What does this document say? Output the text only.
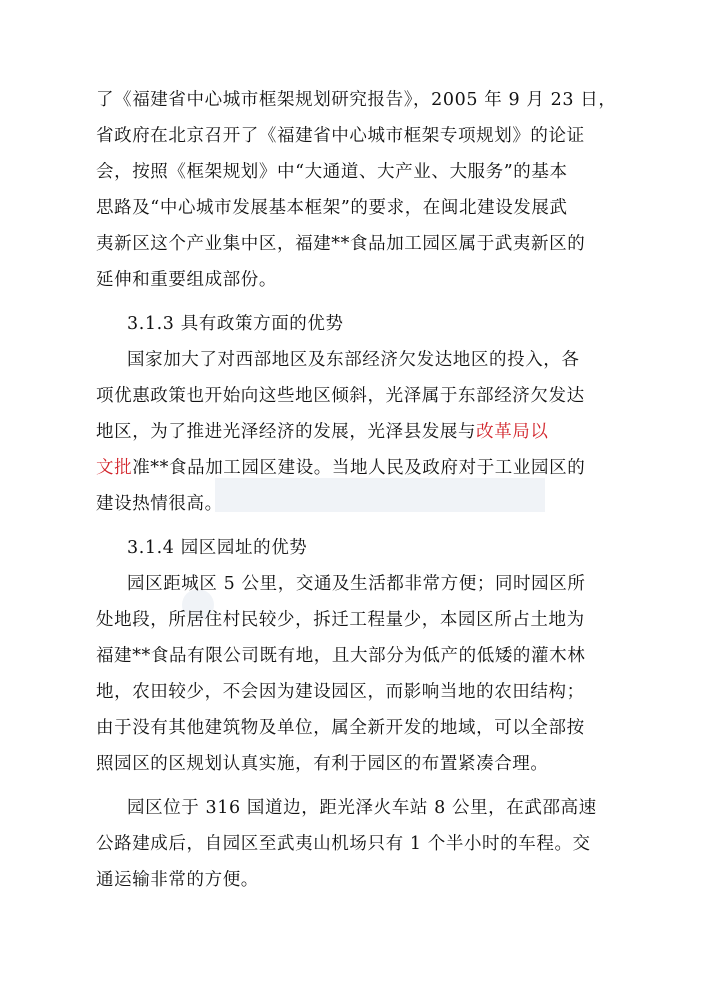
了《福建省中心城市框架规划研究报告》，2005 年 9 月 23 日，
省政府在北京召开了《福建省中心城市框架专项规划》的论证
会，按照《框架规划》中“大通道、大产业、大服务”的基本
思路及“中心城市发展基本框架”的要求，在闽北建设发展武
夷新区这个产业集中区，福建**食品加工园区属于武夷新区的
延伸和重要组成部份。
3.1.3 具有政策方面的优势
国家加大了对西部地区及东部经济欠发达地区的投入，各
项优惠政策也开始向这些地区倾斜，光泽属于东部经济欠发达
地区，为了推进光泽经济的发展，光泽县发展与改革局以
文批准**食品加工园区建设。当地人民及政府对于工业园区的
建设热情很高。
3.1.4 园区园址的优势
园区距城区 5 公里，交通及生活都非常方便；同时园区所
处地段，所居住村民较少，拆迁工程量少，本园区所占土地为
福建**食品有限公司既有地，且大部分为低产的低矮的灌木林
地，农田较少，不会因为建设园区，而影响当地的农田结构；
由于没有其他建筑物及单位，属全新开发的地域，可以全部按
照园区的区规划认真实施，有利于园区的布置紧凑合理。
园区位于 316 国道边，距光泽火车站 8 公里，在武邵高速
公路建成后，自园区至武夷山机场只有 1 个半小时的车程。交
通运输非常的方便。
